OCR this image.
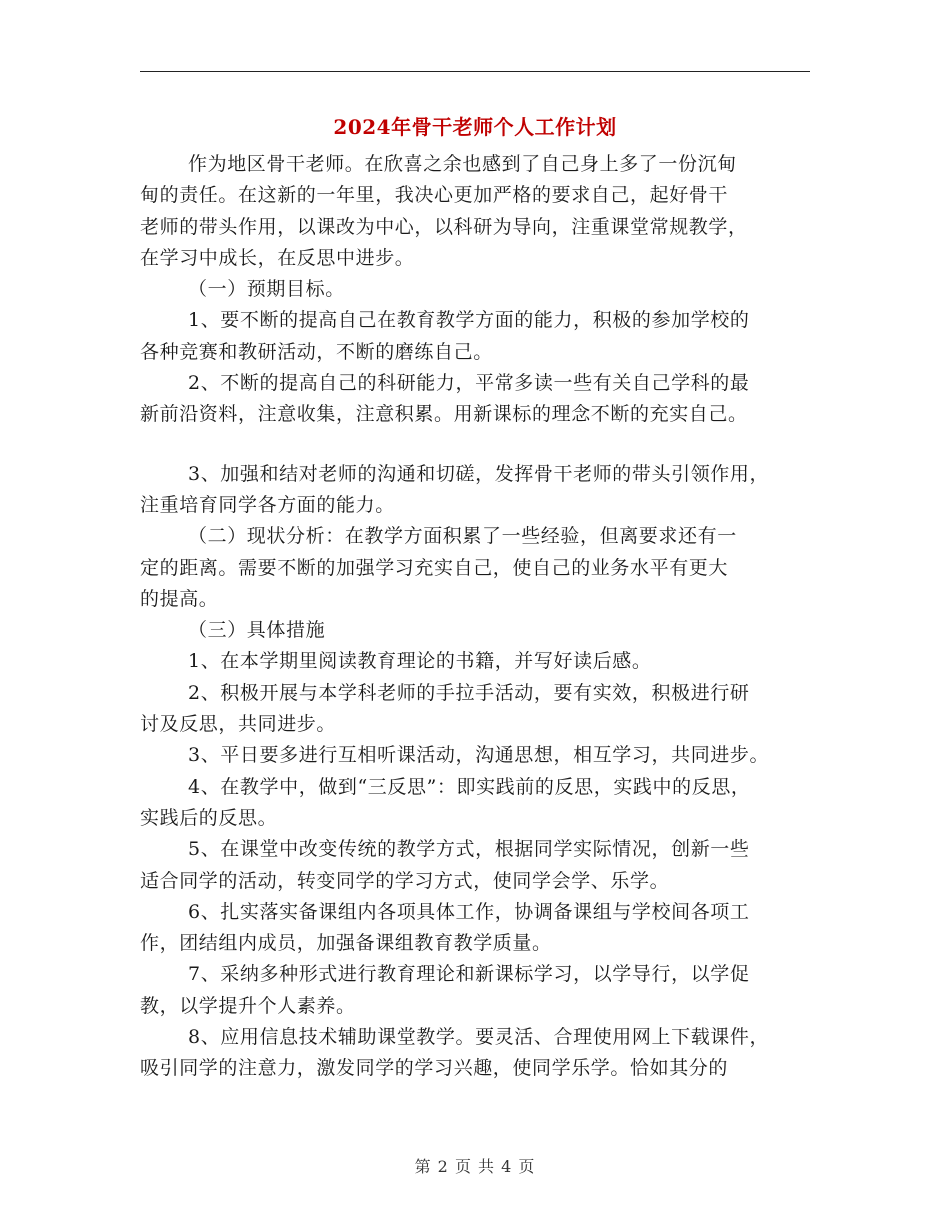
2024年骨干老师个人工作计划

作为地区骨干老师。在欣喜之余也感到了自己身上多了一份沉甸
甸的责任。在这新的一年里，我决心更加严格的要求自己，起好骨干
老师的带头作用，以课改为中心，以科研为导向，注重课堂常规教学，
在学习中成长，在反思中进步。

（一）预期目标。

1、要不断的提高自己在教育教学方面的能力，积极的参加学校的
各种竞赛和教研活动，不断的磨练自己。

2、不断的提高自己的科研能力，平常多读一些有关自己学科的最
新前沿资料，注意收集，注意积累。用新课标的理念不断的充实自己。

3、加强和结对老师的沟通和切磋，发挥骨干老师的带头引领作用，
注重培育同学各方面的能力。

（二）现状分析：在教学方面积累了一些经验，但离要求还有一
定的距离。需要不断的加强学习充实自己，使自己的业务水平有更大
的提高。

（三）具体措施

1、在本学期里阅读教育理论的书籍，并写好读后感。

2、积极开展与本学科老师的手拉手活动，要有实效，积极进行研
讨及反思，共同进步。

3、平日要多进行互相听课活动，沟通思想，相互学习，共同进步。

4、在教学中，做到“三反思”：即实践前的反思，实践中的反思，
实践后的反思。

5、在课堂中改变传统的教学方式，根据同学实际情况，创新一些
适合同学的活动，转变同学的学习方式，使同学会学、乐学。

6、扎实落实备课组内各项具体工作，协调备课组与学校间各项工
作，团结组内成员，加强备课组教育教学质量。

7、采纳多种形式进行教育理论和新课标学习，以学导行，以学促
教，以学提升个人素养。

8、应用信息技术辅助课堂教学。要灵活、合理使用网上下载课件，
吸引同学的注意力，激发同学的学习兴趣，使同学乐学。恰如其分的

第 2 页 共 4 页
